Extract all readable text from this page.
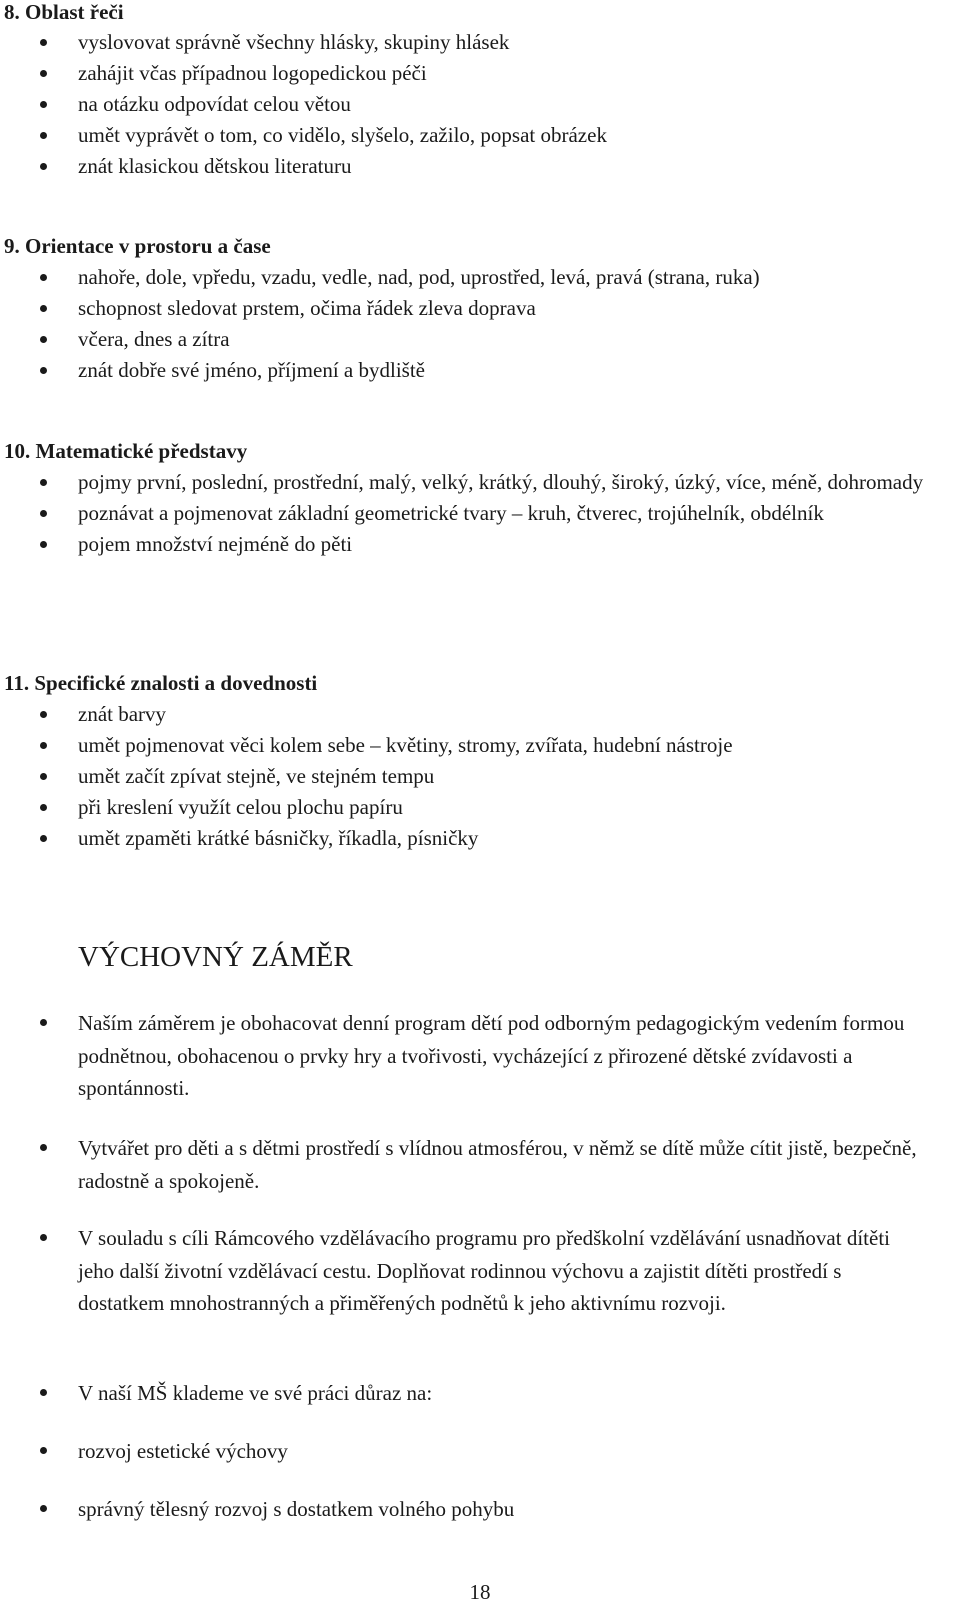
8. Oblast řeči
vyslovovat správně všechny hlásky, skupiny hlásek
zahájit včas případnou logopedickou péči
na otázku odpovídat celou větou
umět vyprávět o tom, co vidělo, slyšelo, zažilo, popsat obrázek
znát klasickou dětskou literaturu
9. Orientace v prostoru a čase
nahoře, dole, vpředu, vzadu, vedle, nad, pod, uprostřed, levá, pravá (strana, ruka)
schopnost sledovat prstem, očima řádek zleva doprava
včera, dnes a zítra
znát dobře své jméno, příjmení a bydliště
10. Matematické představy
pojmy první, poslední, prostřední, malý, velký, krátký, dlouhý, široký, úzký, více, méně, dohromady
poznávat a pojmenovat základní geometrické tvary – kruh, čtverec, trojúhelník, obdélník
pojem množství nejméně do pěti
11. Specifické znalosti a dovednosti
znát barvy
umět pojmenovat věci kolem sebe – květiny, stromy, zvířata, hudební nástroje
umět začít zpívat stejně, ve stejném tempu
při kreslení využít celou plochu papíru
umět zpaměti krátké básničky, říkadla, písničky
VÝCHOVNÝ ZÁMĚR
Naším záměrem je obohacovat denní program dětí pod odborným pedagogickým vedením formou podnětnou, obohacenou o prvky hry a tvořivosti, vycházející z přirozené dětské zvídavosti a spontánnosti.
Vytvářet pro děti a s dětmi prostředí s vlídnou atmosférou, v němž se dítě může cítit jistě, bezpečně, radostně a spokojeně.
V souladu s cíli Rámcového vzdělávacího programu pro předškolní vzdělávání usnadňovat dítěti jeho další životní vzdělávací cestu. Doplňovat rodinnou výchovu a zajistit dítěti prostředí s dostatkem mnohostranných a přiměřených podnětů k jeho aktivnímu rozvoji.
V naší MŠ klademe ve své práci důraz na:
rozvoj estetické výchovy
správný tělesný rozvoj s dostatkem volného pohybu
18
